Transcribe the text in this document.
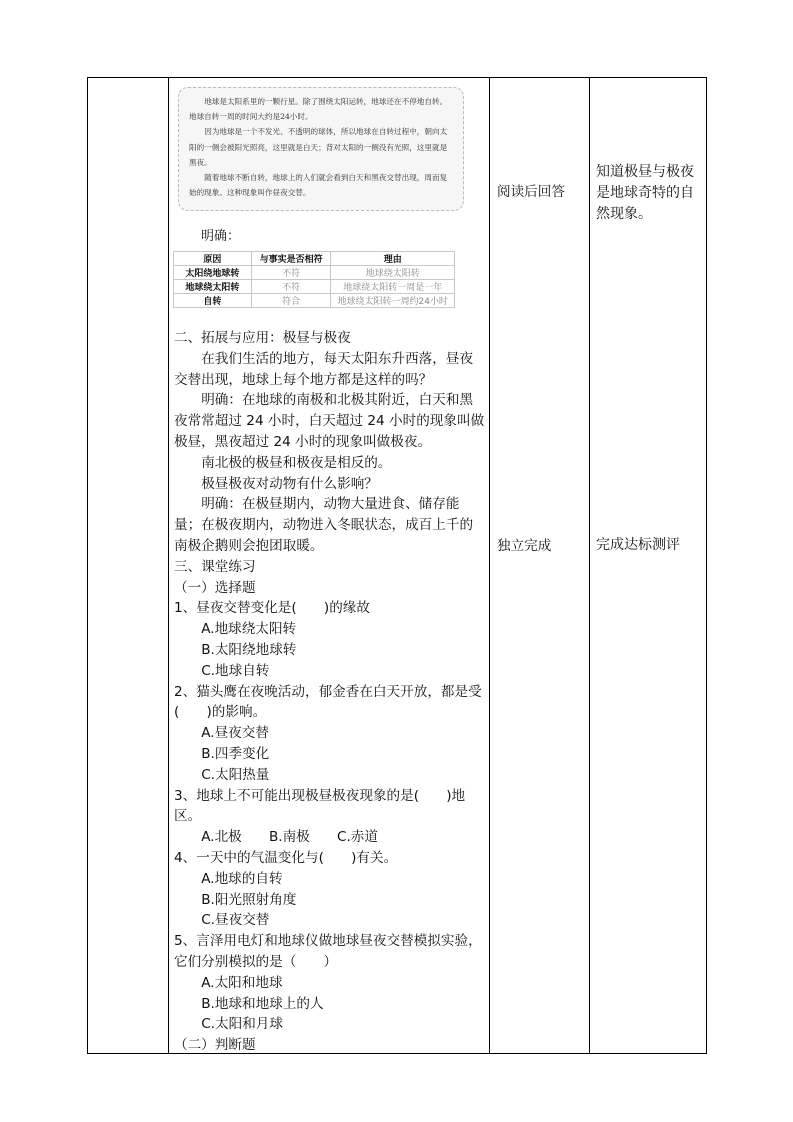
地球是太阳系里的一颗行星。除了围绕太阳运转，地球还在不停地自转。地球自转一周的时间大约是24小时。

因为地球是一个不发光、不透明的球体，所以地球在自转过程中，朝向太阳的一侧会被阳光照亮，这里就是白天；背对太阳的一侧没有光照，这里就是黑夜。

随着地球不断自转，地球上的人们就会看到白天和黑夜交替出现，周而复始的现象。这种现象叫作昼夜交替。

明确：
原因	与事实是否相符	理由
太阳绕地球转	不符	地球绕太阳转
地球绕太阳转	不符	地球绕太阳转一周是一年
自转	符合	地球绕太阳转一周约24小时

二、拓展与应用：极昼与极夜

在我们生活的地方，每天太阳东升西落，昼夜交替出现，地球上每个地方都是这样的吗？

明确：在地球的南极和北极其附近，白天和黑夜常常超过 24 小时，白天超过 24 小时的现象叫做极昼，黑夜超过 24 小时的现象叫做极夜。

南北极的极昼和极夜是相反的。

极昼极夜对动物有什么影响？

明确：在极昼期内，动物大量进食、储存能量；在极夜期内，动物进入冬眠状态，成百上千的南极企鹅则会抱团取暖。

三、课堂练习

（一）选择题

1、昼夜交替变化是(　　)的缘故

A.地球绕太阳转

B.太阳绕地球转

C.地球自转

2、猫头鹰在夜晚活动，郁金香在白天开放，都是受(　　)的影响。

A.昼夜交替

B.四季变化

C.太阳热量

3、地球上不可能出现极昼极夜现象的是(　　)地区。

A.北极　　B.南极　　C.赤道

4、一天中的气温变化与(　　)有关。

A.地球的自转

B.阳光照射角度

C.昼夜交替

5、言泽用电灯和地球仪做地球昼夜交替模拟实验，它们分别模拟的是（　　）

A.太阳和地球

B.地球和地球上的人

C.太阳和月球

（二）判断题

阅读后回答
独立完成
知道极昼与极夜是地球奇特的自然现象。
完成达标测评
